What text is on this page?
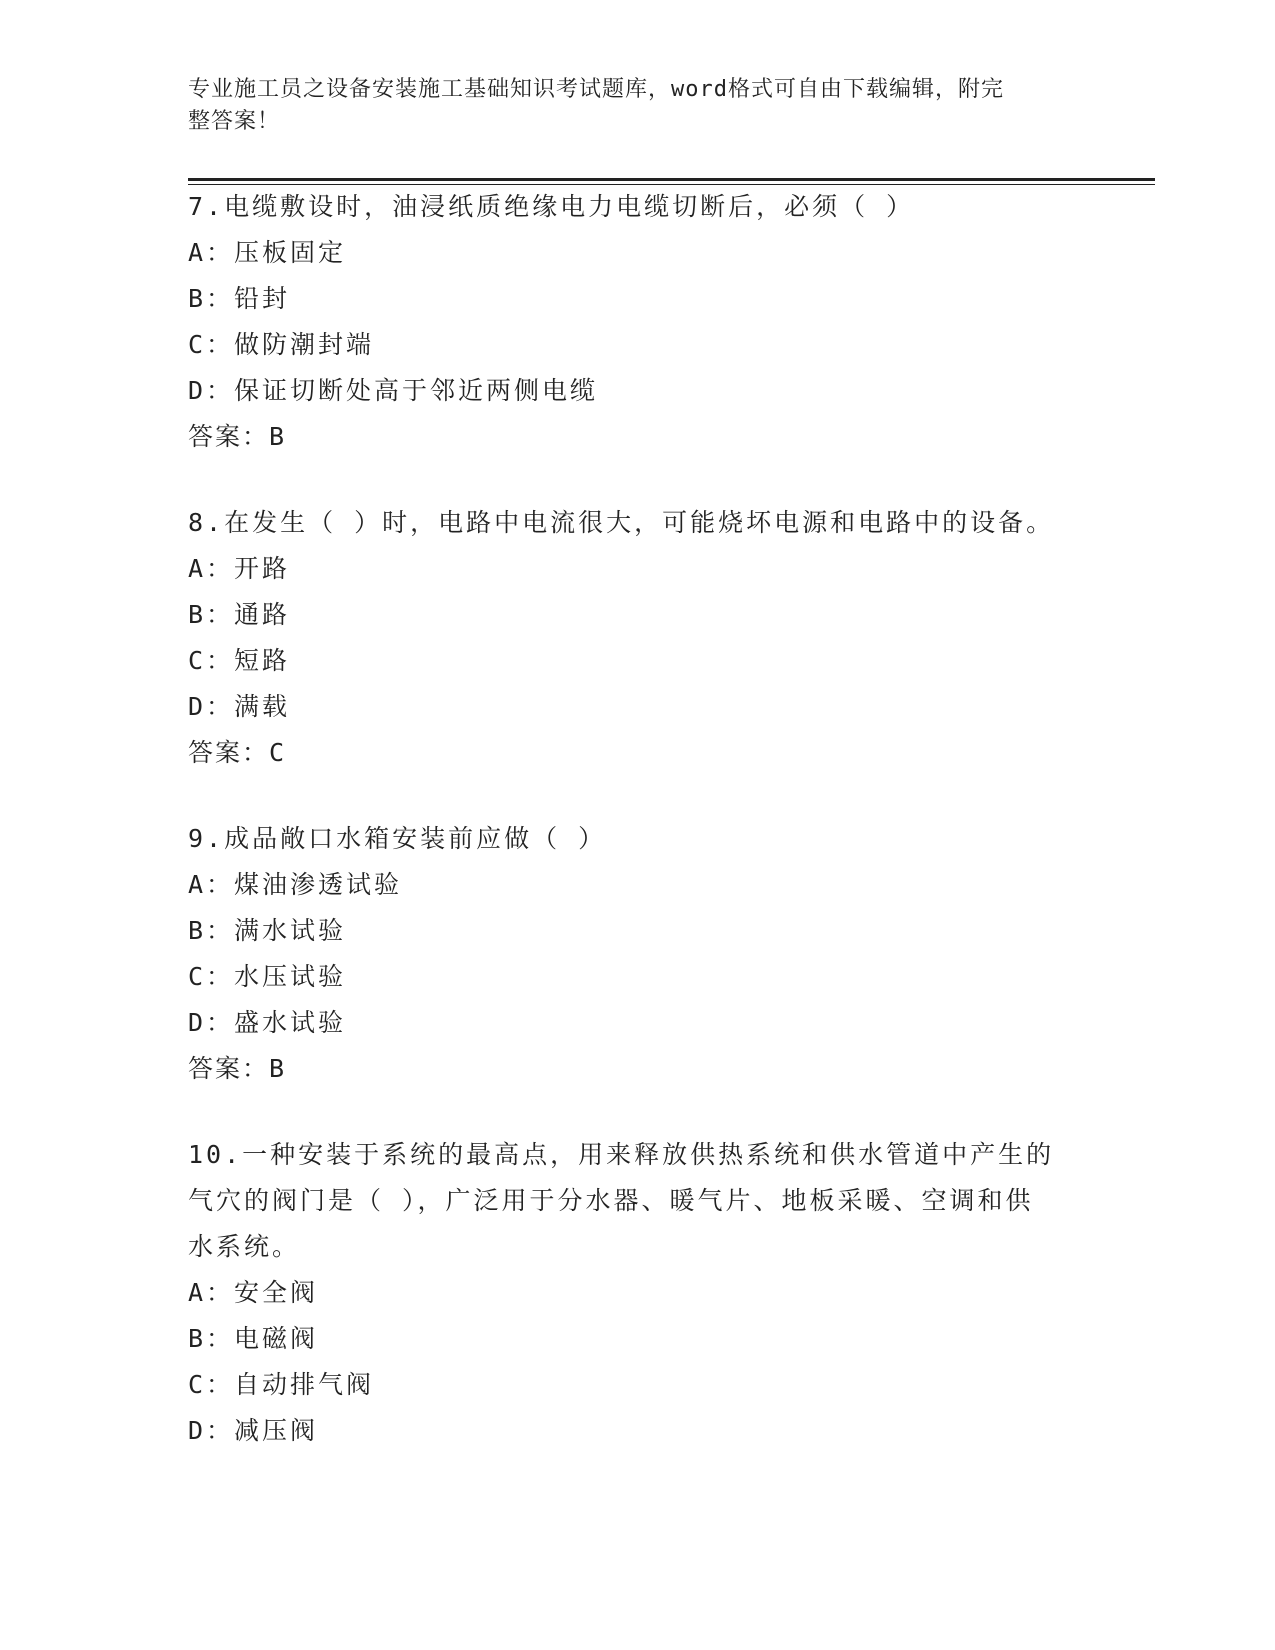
专业施工员之设备安装施工基础知识考试题库，word格式可自由下载编辑，附完
整答案！
7.电缆敷设时，油浸纸质绝缘电力电缆切断后，必须（ ）
A：压板固定
B：铅封
C：做防潮封端
D：保证切断处高于邻近两侧电缆
答案：B
8.在发生（ ）时，电路中电流很大，可能烧坏电源和电路中的设备。
A：开路
B：通路
C：短路
D：满载
答案：C
9.成品敞口水箱安装前应做（ ）
A：煤油渗透试验
B：满水试验
C：水压试验
D：盛水试验
答案：B
10.一种安装于系统的最高点，用来释放供热系统和供水管道中产生的
气穴的阀门是（ ），广泛用于分水器、暖气片、地板采暖、空调和供
水系统。
A：安全阀
B：电磁阀
C：自动排气阀
D：减压阀
